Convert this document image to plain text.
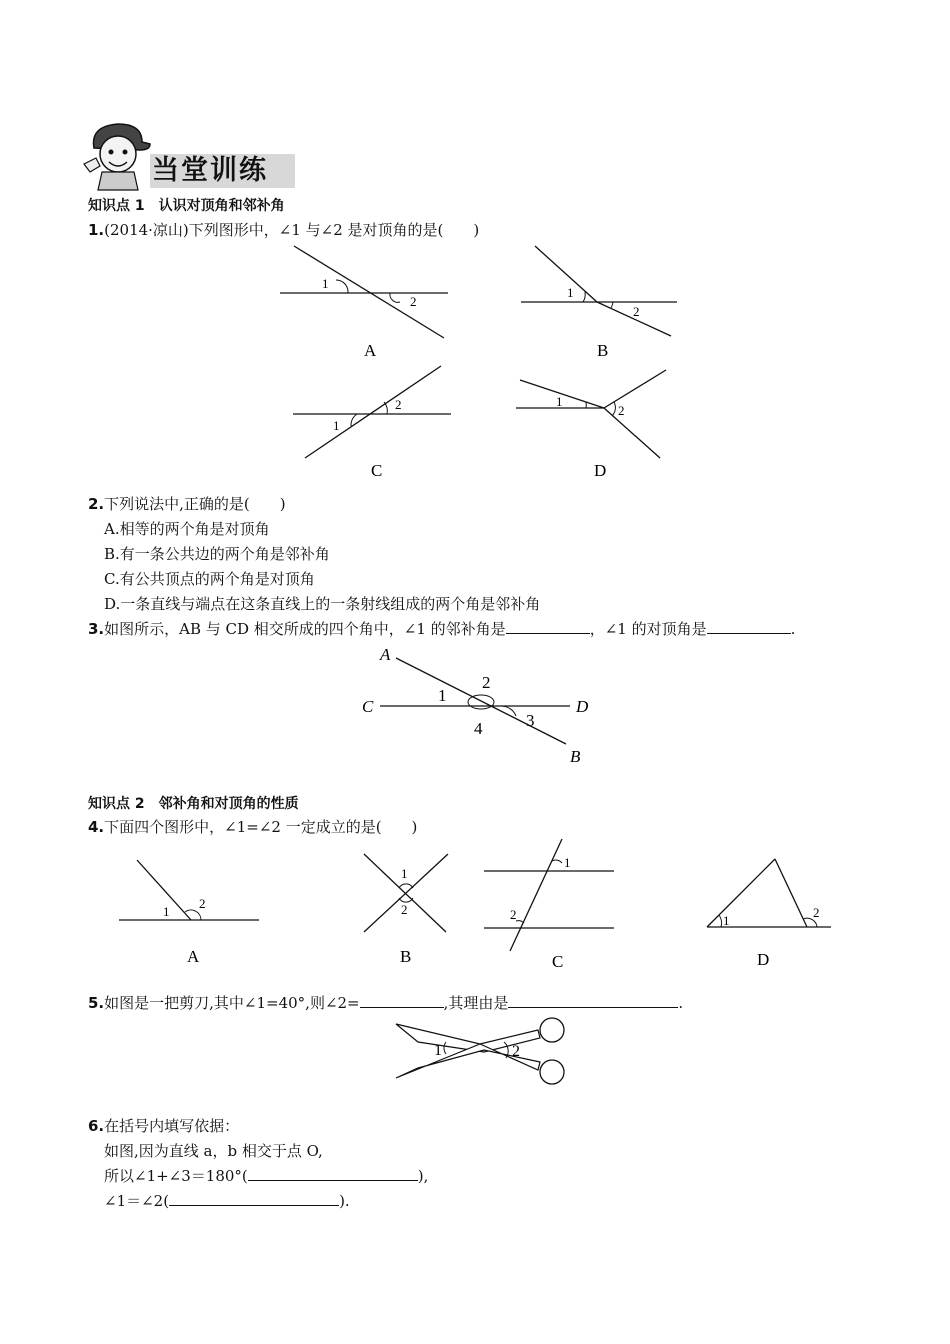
当堂训练
知识点 1　认识对顶角和邻补角
1.(2014·凉山)下列图形中，∠1 与∠2 是对顶角的是(　　)
1
2
A
1
2
B
2
1
C
1
2
D
2.下列说法中,正确的是(　　)
A.相等的两个角是对顶角
B.有一条公共边的两个角是邻补角
C.有公共顶点的两个角是对顶角
D.一条直线与端点在这条直线上的一条射线组成的两个角是邻补角
3.如图所示，AB 与 CD 相交所成的四个角中，∠1 的邻补角是	，∠1 的对顶角是	.
A
C	D
B
1
2
3
4
知识点 2　邻补角和对顶角的性质
4.下面四个图形中，∠1=∠2 一定成立的是(　　)
1
2
A
1
2
B
1
2
C
1
2
D
5.如图是一把剪刀,其中∠1=40°,则∠2=	,其理由是	.
1	2
6.在括号内填写依据：
如图,因为直线 a，b 相交于点 O,
所以∠1+∠3＝180°(	),
∠1＝∠2(	).
